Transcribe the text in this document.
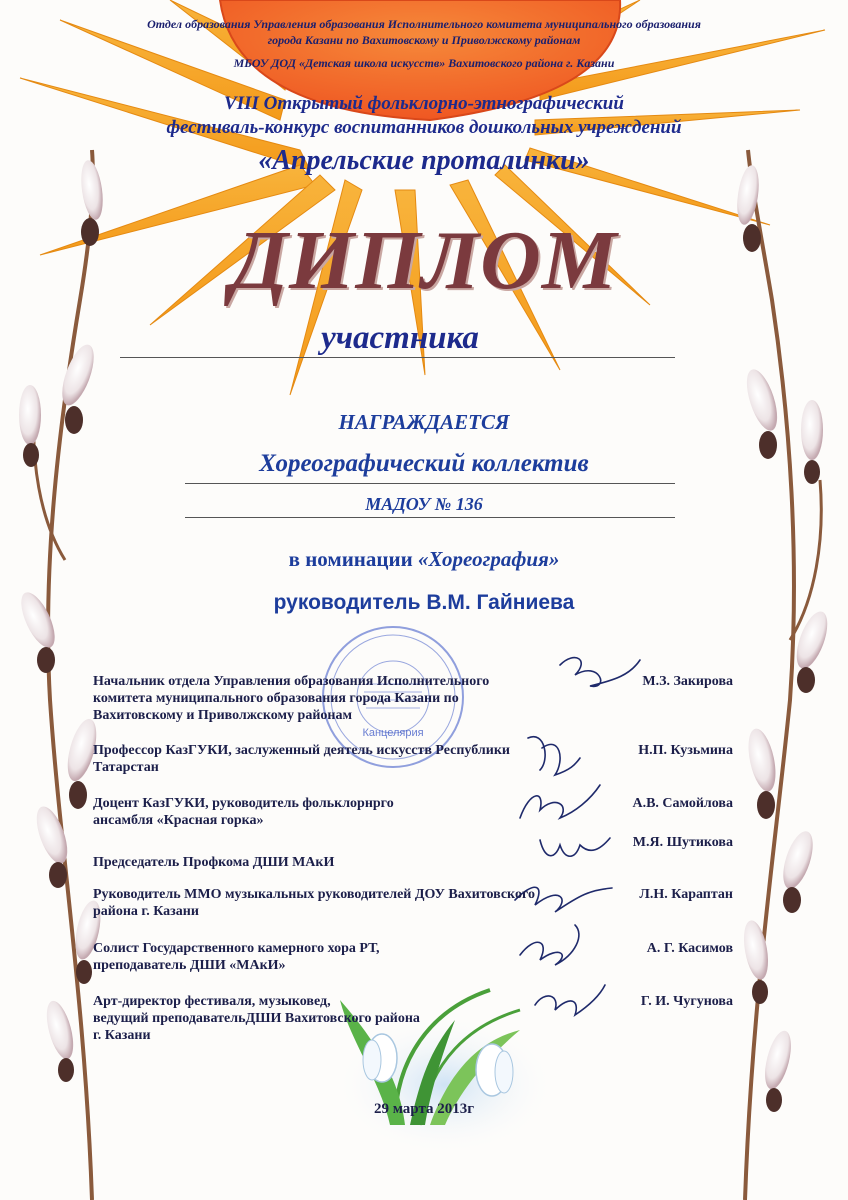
Отдел образования Управления образования Исполнительного комитета муниципального образования
города Казани по Вахитовскому и Приволжскому районам
МБОУ ДОД «Детская школа искусств» Вахитовского района г. Казани
VIII Открытый фольклорно-этнографический
фестиваль-конкурс воспитанников дошкольных учреждений
«Апрельские проталинки»
ДИПЛОМ
участника
НАГРАЖДАЕТСЯ
Хореографический коллектив
МАДОУ № 136
в номинации «Хореография»
руководитель В.М. Гайниева
Канцелярия
Начальник отдела Управления образования Исполнительного комитета муниципального образования города Казани по Вахитовскому и Приволжскому районам
М.З. Закирова
Профессор КазГУКИ, заслуженный деятель искусств Республики Татарстан
Н.П. Кузьмина
Доцент КазГУКИ, руководитель фольклорнрго
ансамбля «Красная горка»
А.В. Самойлова
Председатель Профкома ДШИ МАкИ
М.Я. Шутикова
Руководитель ММО музыкальных руководителей ДОУ Вахитовского района г. Казани
Л.Н. Караптан
Солист Государственного камерного хора РТ,
преподаватель ДШИ «МАкИ»
А. Г. Касимов
Арт-директор фестиваля, музыковед,
ведущий преподавательДШИ Вахитовского района
г. Казани
Г. И. Чугунова
29 марта 2013г
